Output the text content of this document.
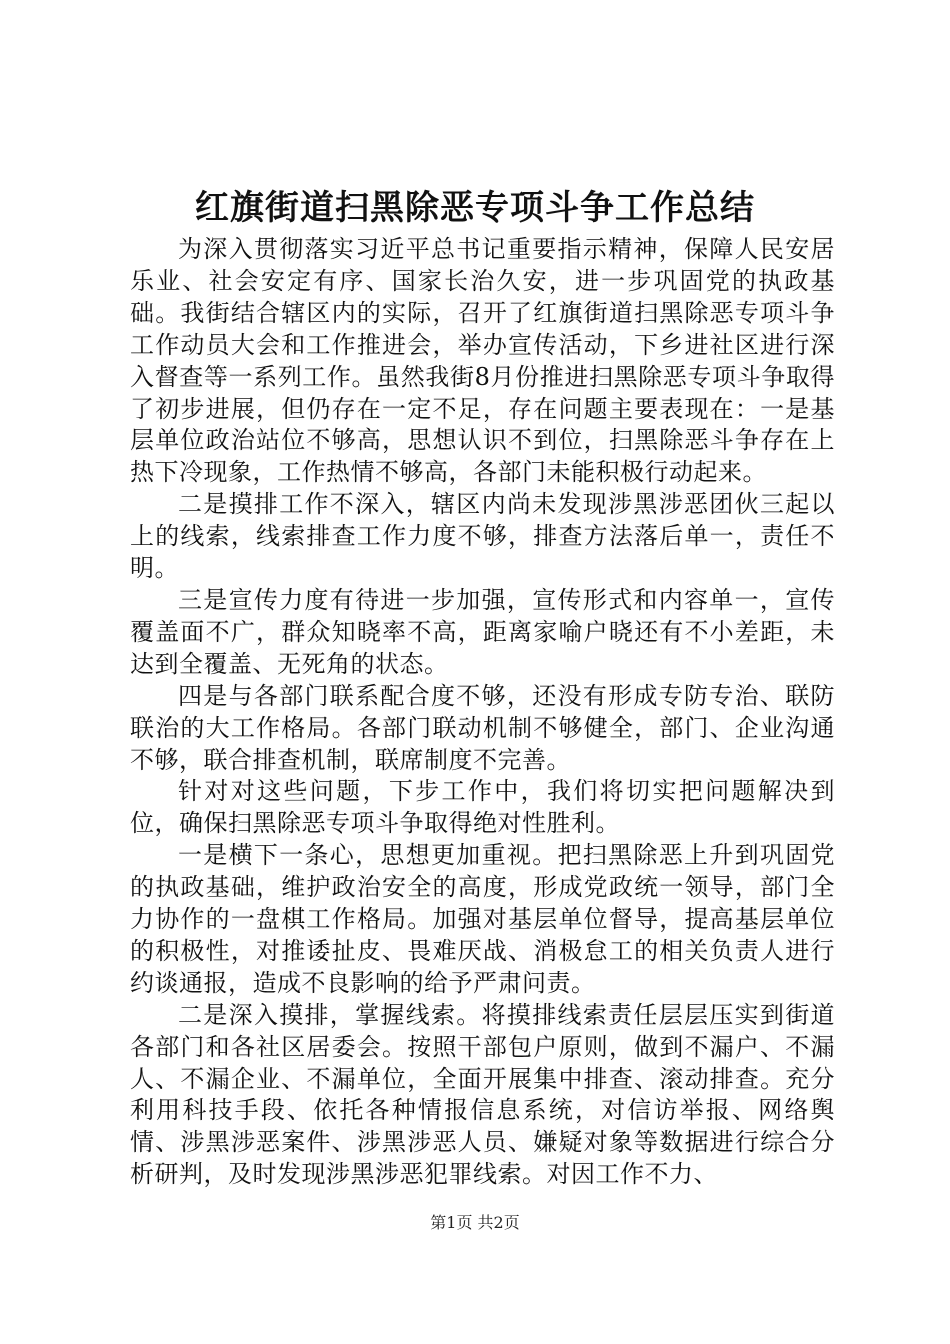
红旗街道扫黑除恶专项斗争工作总结

为深入贯彻落实习近平总书记重要指示精神，保障人民安居乐业、社会安定有序、国家长治久安，进一步巩固党的执政基础。我街结合辖区内的实际，召开了红旗街道扫黑除恶专项斗争工作动员大会和工作推进会，举办宣传活动，下乡进社区进行深入督查等一系列工作。虽然我街8月份推进扫黑除恶专项斗争取得了初步进展，但仍存在一定不足，存在问题主要表现在：一是基层单位政治站位不够高，思想认识不到位，扫黑除恶斗争存在上热下冷现象，工作热情不够高，各部门未能积极行动起来。

二是摸排工作不深入，辖区内尚未发现涉黑涉恶团伙三起以上的线索，线索排查工作力度不够，排查方法落后单一，责任不明。

三是宣传力度有待进一步加强，宣传形式和内容单一，宣传覆盖面不广，群众知晓率不高，距离家喻户晓还有不小差距，未达到全覆盖、无死角的状态。

四是与各部门联系配合度不够，还没有形成专防专治、联防联治的大工作格局。各部门联动机制不够健全，部门、企业沟通不够，联合排查机制，联席制度不完善。

针对对这些问题，下步工作中，我们将切实把问题解决到位，确保扫黑除恶专项斗争取得绝对性胜利。

一是横下一条心，思想更加重视。把扫黑除恶上升到巩固党的执政基础，维护政治安全的高度，形成党政统一领导，部门全力协作的一盘棋工作格局。加强对基层单位督导，提高基层单位的积极性，对推诿扯皮、畏难厌战、消极怠工的相关负责人进行约谈通报，造成不良影响的给予严肃问责。

二是深入摸排，掌握线索。将摸排线索责任层层压实到街道各部门和各社区居委会。按照干部包户原则，做到不漏户、不漏人、不漏企业、不漏单位，全面开展集中排查、滚动排查。充分利用科技手段、依托各种情报信息系统，对信访举报、网络舆情、涉黑涉恶案件、涉黑涉恶人员、嫌疑对象等数据进行综合分析研判，及时发现涉黑涉恶犯罪线索。对因工作不力、

第1页 共2页
